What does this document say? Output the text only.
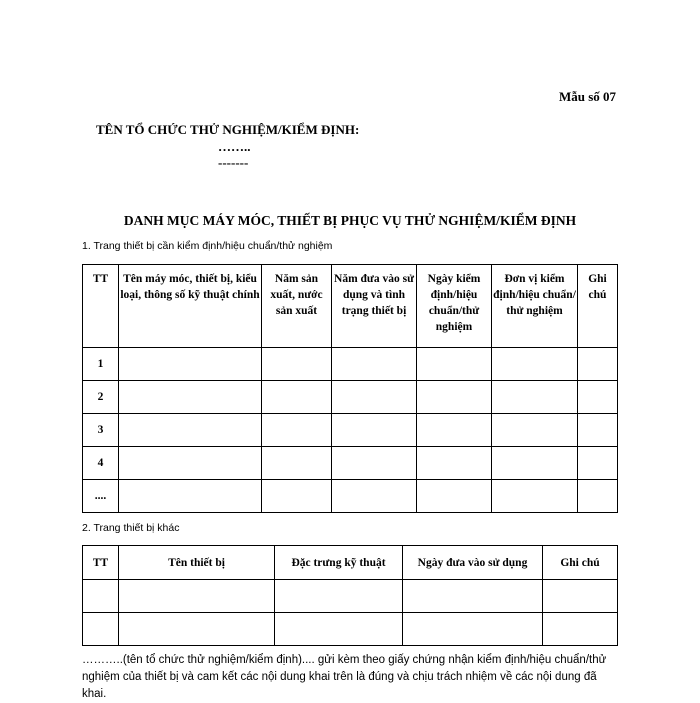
Mẫu số 07
TÊN TỔ CHỨC THỬ NGHIỆM/KIỂM ĐỊNH:
……..
-------
DANH MỤC MÁY MÓC, THIẾT BỊ PHỤC VỤ THỬ NGHIỆM/KIỂM ĐỊNH
1. Trang thiết bị cần kiểm định/hiệu chuẩn/thử nghiệm
TT	Tên máy móc, thiết bị, kiểu loại, thông số kỹ thuật chính	Năm sản xuất, nước sản xuất	Năm đưa vào sử dụng và tình trạng thiết bị	Ngày kiểm định/hiệu chuẩn/thử nghiệm	Đơn vị kiểm định/hiệu chuẩn/ thử nghiệm	Ghi chú
1						
2						
3						
4						
....						
2. Trang thiết bị khác
TT	Tên thiết bị	Đặc trưng kỹ thuật	Ngày đưa vào sử dụng	Ghi chú

………..(tên tổ chức thử nghiệm/kiểm định).... gửi kèm theo giấy chứng nhận kiểm định/hiệu chuẩn/thử nghiệm của thiết bị và cam kết các nội dung khai trên là đúng và chịu trách nhiệm về các nội dung đã khai.
